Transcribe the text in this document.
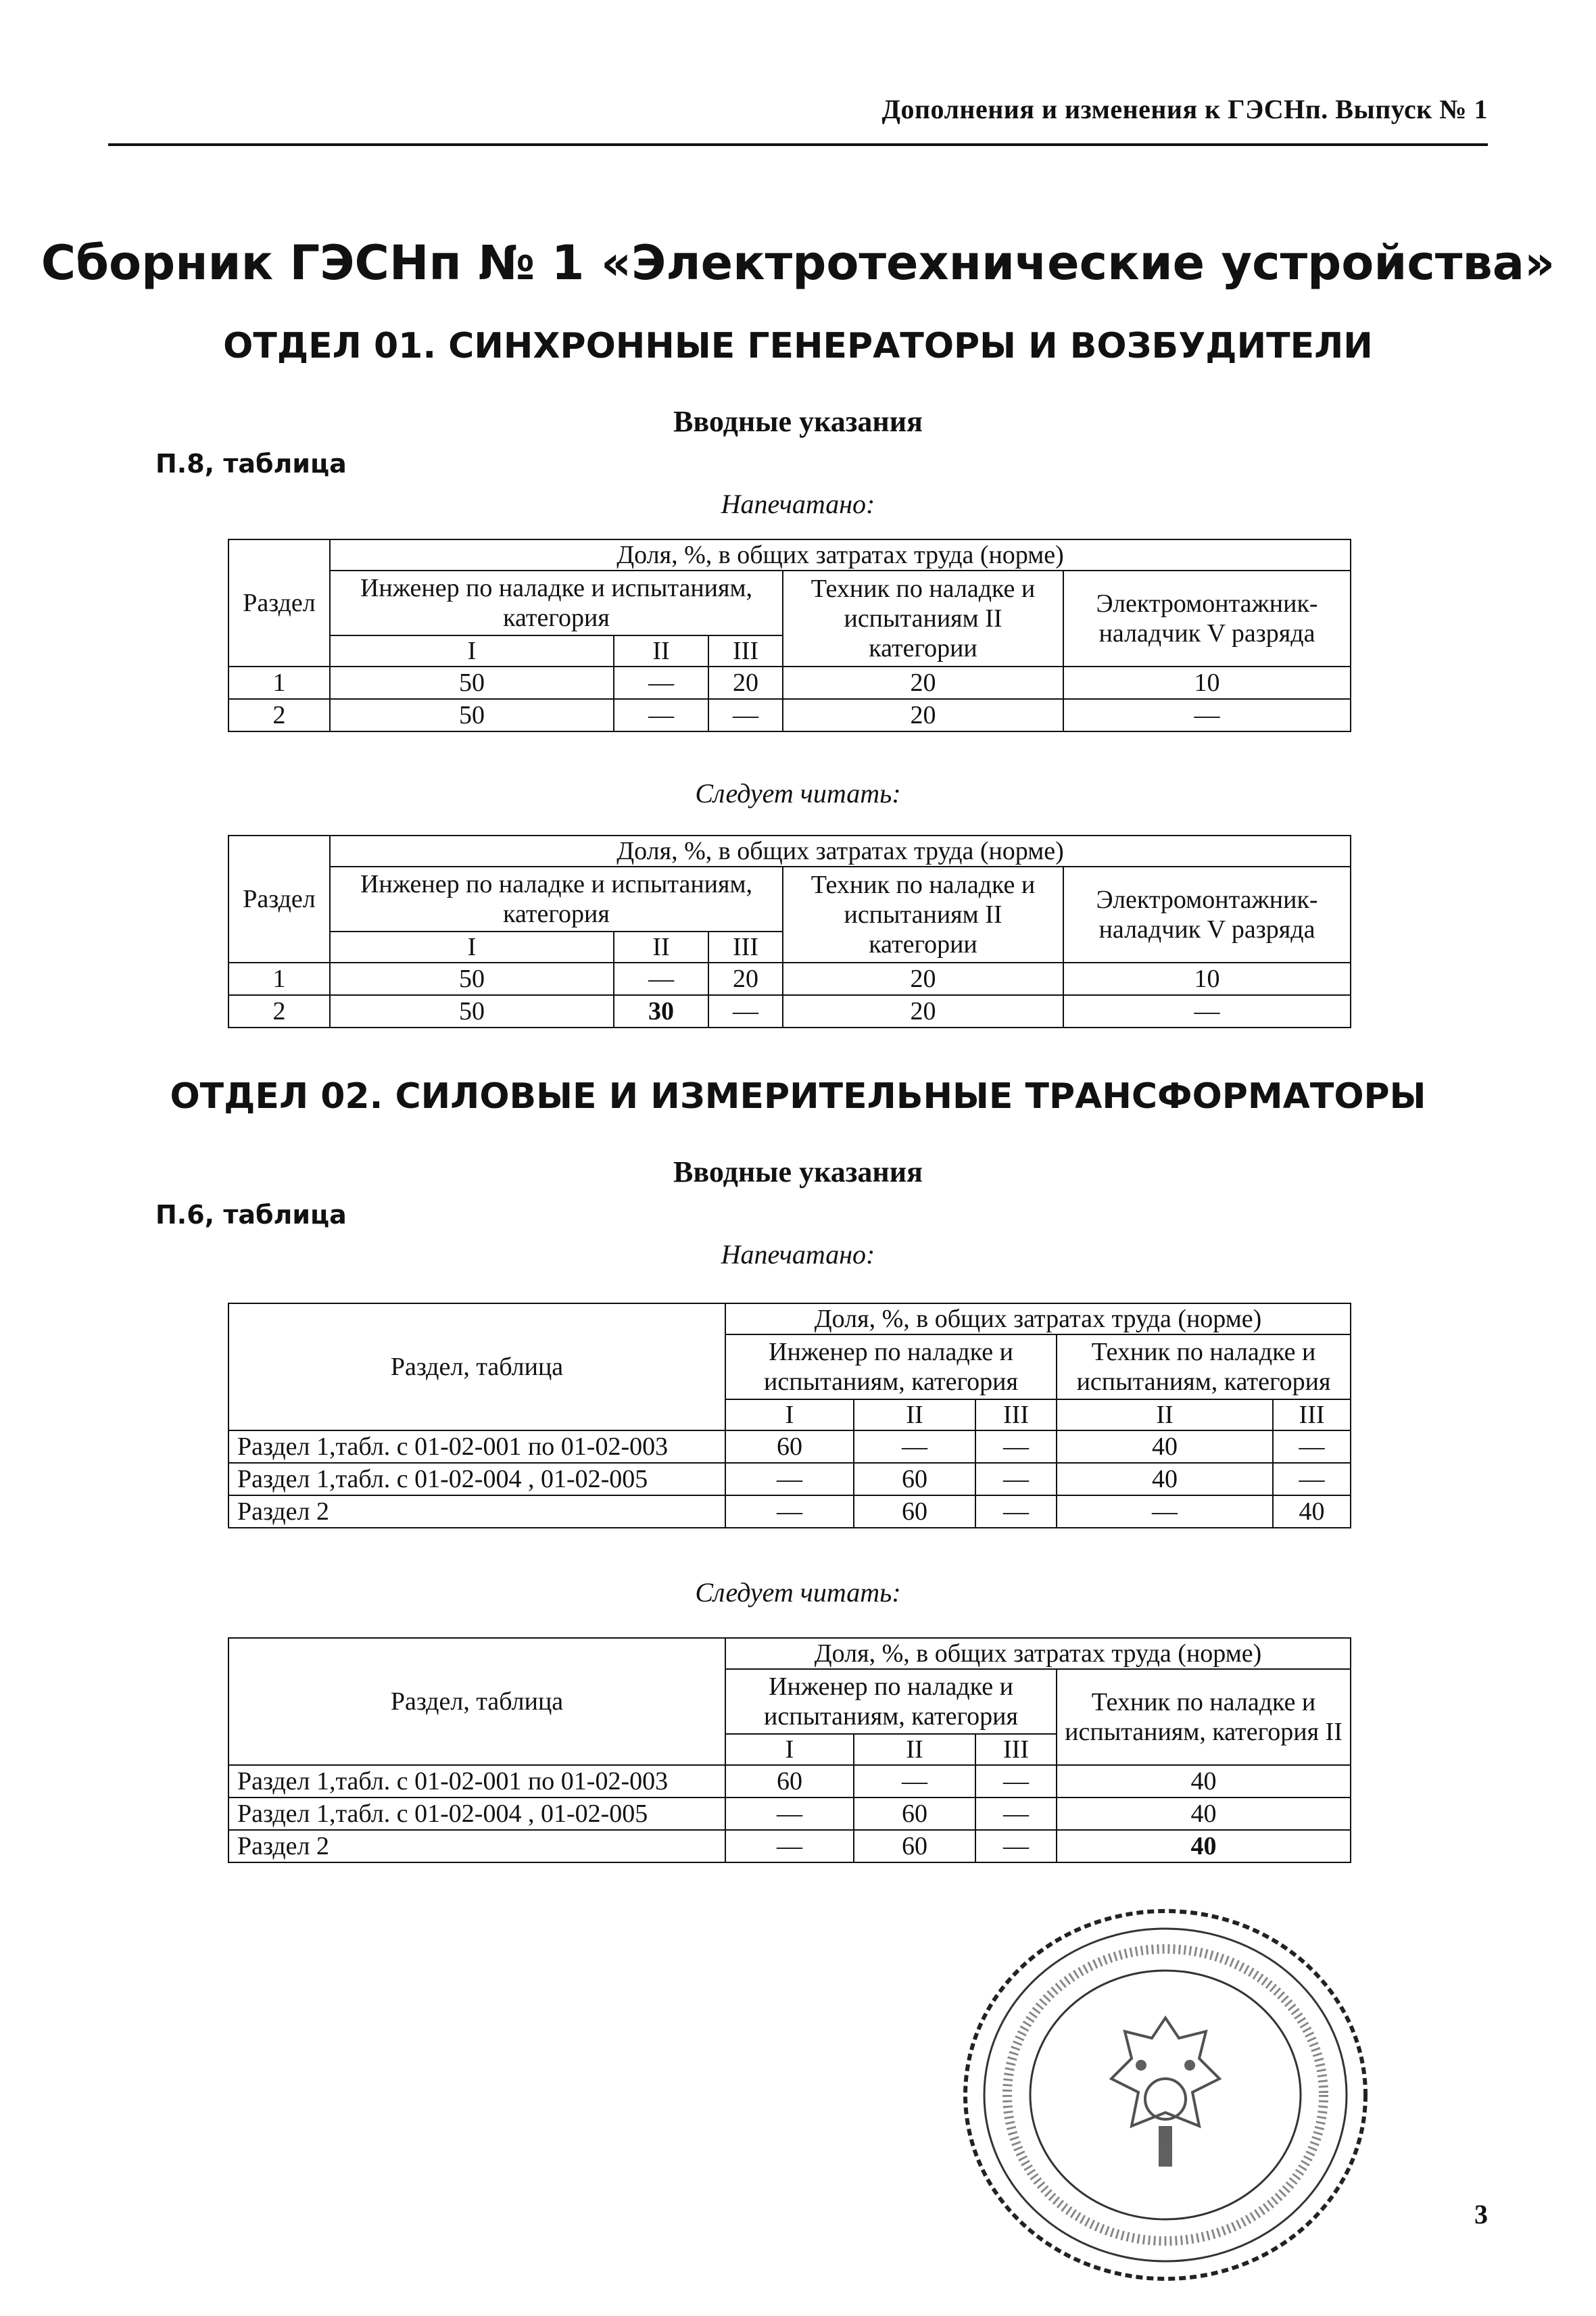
Дополнения и изменения к ГЭСНп. Выпуск № 1
Сборник ГЭСНп № 1 «Электротехнические устройства»
ОТДЕЛ 01. СИНХРОННЫЕ ГЕНЕРАТОРЫ И ВОЗБУДИТЕЛИ
Вводные указания
П.8, таблица
Напечатано:
Раздел	Доля, %, в общих затратах труда (норме)				
	Инженер по наладке и испытаниям, категория			Техник по наладке и испытаниям II категории	Электромонтажник-наладчик V разряда
	I	II	III		
1	50	—	20	20	10
2	50	—	—	20	—
Следует читать:
Раздел	Доля, %, в общих затратах труда (норме)				
	Инженер по наладке и испытаниям, категория			Техник по наладке и испытаниям II категории	Электромонтажник-наладчик V разряда
	I	II	III		
1	50	—	20	20	10
2	50	30	—	20	—
ОТДЕЛ 02. СИЛОВЫЕ И ИЗМЕРИТЕЛЬНЫЕ ТРАНСФОРМАТОРЫ
Вводные указания
П.6, таблица
Напечатано:
Раздел, таблица	Доля, %, в общих затратах труда (норме)				
	Инженер по наладке и испытаниям, категория			Техник по наладке и испытаниям, категория	
	I	II	III	II	III
Раздел 1,табл. с 01-02-001 по 01-02-003	60	—	—	40	—
Раздел 1,табл. с 01-02-004 , 01-02-005	—	60	—	40	—
Раздел 2	—	60	—	—	40
Следует читать:
Раздел, таблица	Доля, %, в общих затратах труда (норме)			
	Инженер по наладке и испытаниям, категория			Техник по наладке и испытаниям, категория II
	I	II	III	
Раздел 1,табл. с 01-02-001 по 01-02-003	60	—	—	40
Раздел 1,табл. с 01-02-004 , 01-02-005	—	60	—	40
Раздел 2	—	60	—	40
3
